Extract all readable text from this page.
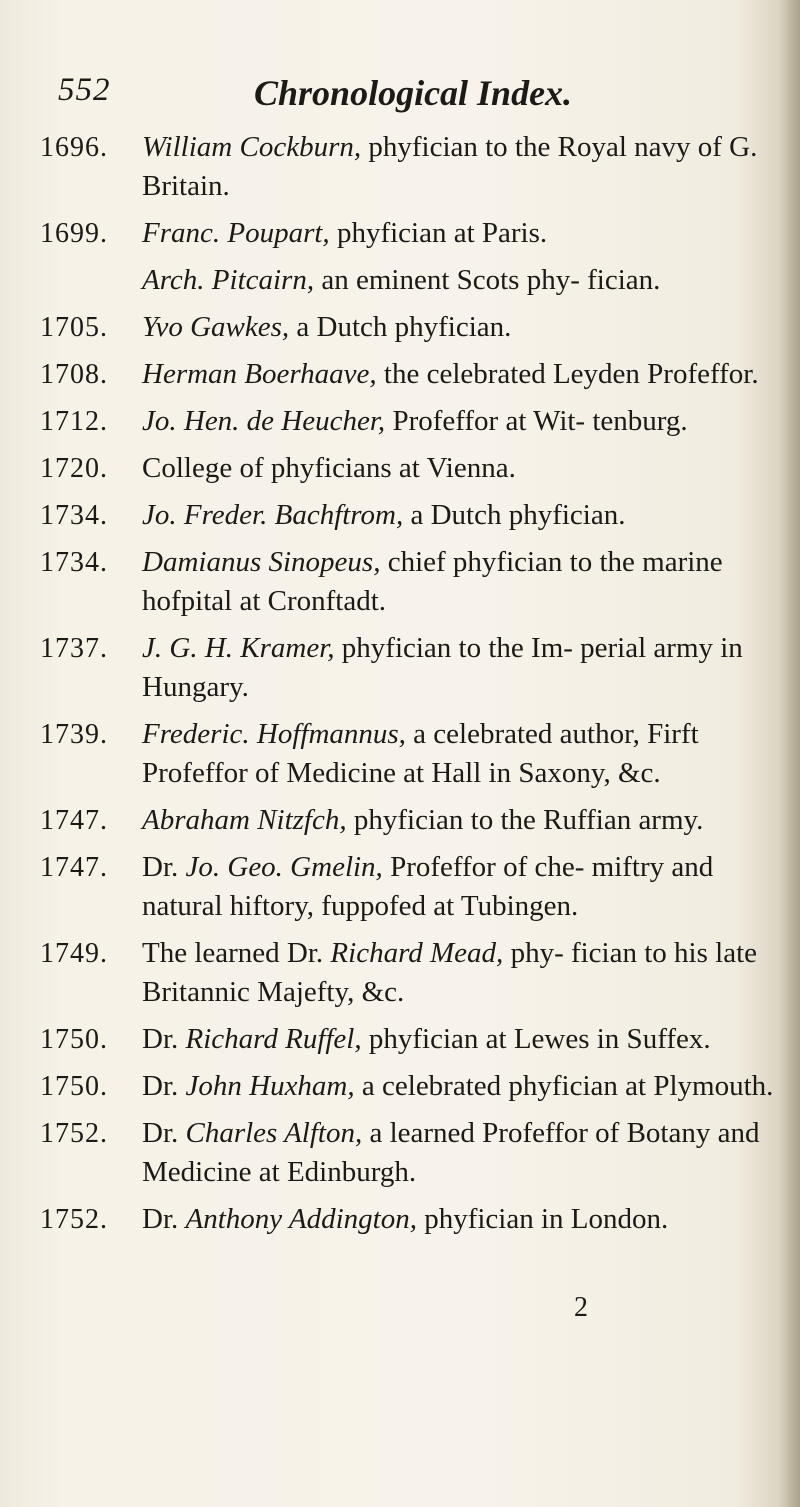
552	Chronological Index.
1696.	William Cockburn, phyfician to the Royal navy of G. Britain.
1699.	Franc. Poupart, phyfician at Paris.
Arch. Pitcairn, an eminent Scots phy- fician.
1705.	Yvo Gawkes, a Dutch phyfician.
1708.	Herman Boerhaave, the celebrated Leyden Profeffor.
1712.	Jo. Hen. de Heucher, Profeffor at Wit- tenburg.
1720.	College of phyficians at Vienna.
1734.	Jo. Freder. Bachftrom, a Dutch phyfician.
1734.	Damianus Sinopeus, chief phyfician to the marine hofpital at Cronftadt.
1737.	J. G. H. Kramer, phyfician to the Im- perial army in Hungary.
1739.	Frederic. Hoffmannus, a celebrated author, Firft Profeffor of Medicine at Hall in Saxony, &c.
1747.	Abraham Nitzfch, phyfician to the Ruffian army.
1747.	Dr. Jo. Geo. Gmelin, Profeffor of che- miftry and natural hiftory, fuppofed at Tubingen.
1749.	The learned Dr. Richard Mead, phy- fician to his late Britannic Majefty, &c.
1750.	Dr. Richard Ruffel, phyfician at Lewes in Suffex.
1750.	Dr. John Huxham, a celebrated phyfician at Plymouth.
1752.	Dr. Charles Alfton, a learned Profeffor of Botany and Medicine at Edinburgh.
1752.	Dr. Anthony Addington, phyfician in London.
2
